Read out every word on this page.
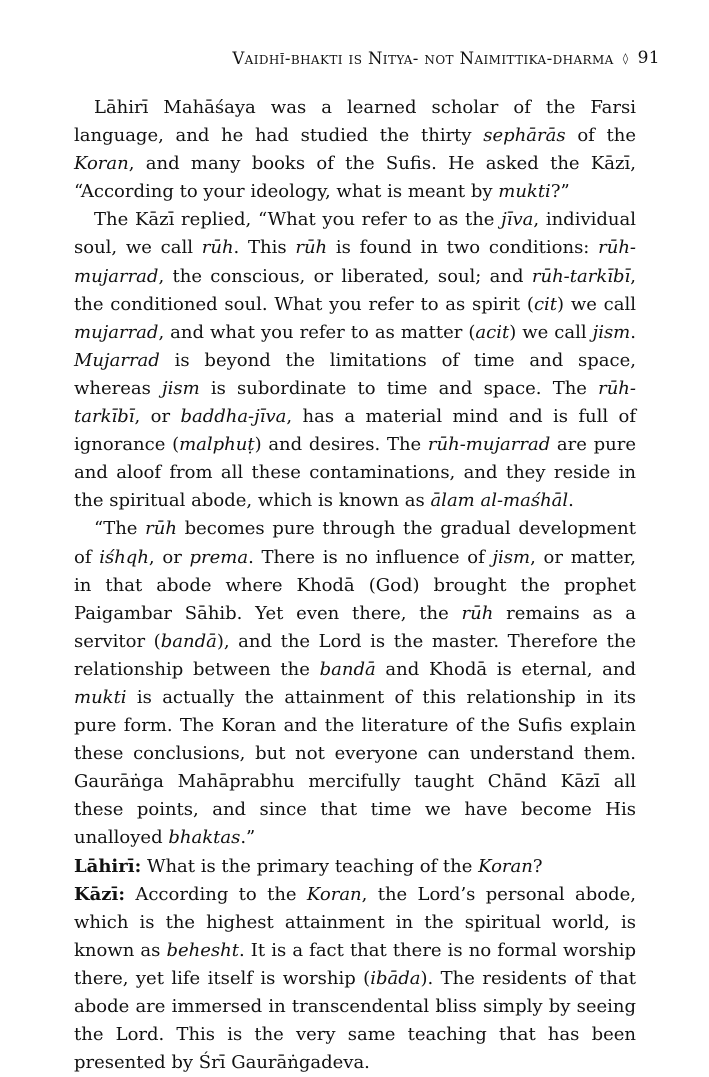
Vaidhī-bhakti is Nitya- not Naimittika-dharma ◊ 91

Lāhirī Mahāśaya was a learned scholar of the Farsi language, and he had studied the thirty sephārās of the Koran, and many books of the Sufis. He asked the Kāzī, “According to your ideology, what is meant by mukti?”

The Kāzī replied, “What you refer to as the jīva, individual soul, we call rūh. This rūh is found in two conditions: rūh-mujarrad, the conscious, or liberated, soul; and rūh-tarkībī, the conditioned soul. What you refer to as spirit (cit) we call mujarrad, and what you refer to as matter (acit) we call jism. Mujarrad is beyond the limitations of time and space, whereas jism is subordinate to time and space. The rūh-tarkībī, or baddha-jīva, has a material mind and is full of ignorance (malphuṭ) and desires. The rūh-mujarrad are pure and aloof from all these contaminations, and they reside in the spiritual abode, which is known as ālam al-maśhāl.

“The rūh becomes pure through the gradual development of iśhqh, or prema. There is no influence of jism, or matter, in that abode where Khodā (God) brought the prophet Paigambar Sāhib. Yet even there, the rūh remains as a servitor (bandā), and the Lord is the master. Therefore the relationship between the bandā and Khodā is eternal, and mukti is actually the attainment of this relationship in its pure form. The Koran and the literature of the Sufis explain these conclusions, but not everyone can understand them. Gaurāṅga Mahāprabhu mercifully taught Chānd Kāzī all these points, and since that time we have become His unalloyed bhaktas.”

Lāhirī: What is the primary teaching of the Koran?

Kāzī: According to the Koran, the Lord’s personal abode, which is the highest attainment in the spiritual world, is known as behesht. It is a fact that there is no formal worship there, yet life itself is worship (ibāda). The residents of that abode are immersed in transcendental bliss simply by seeing the Lord. This is the very same teaching that has been presented by Śrī Gaurāṅgadeva.
